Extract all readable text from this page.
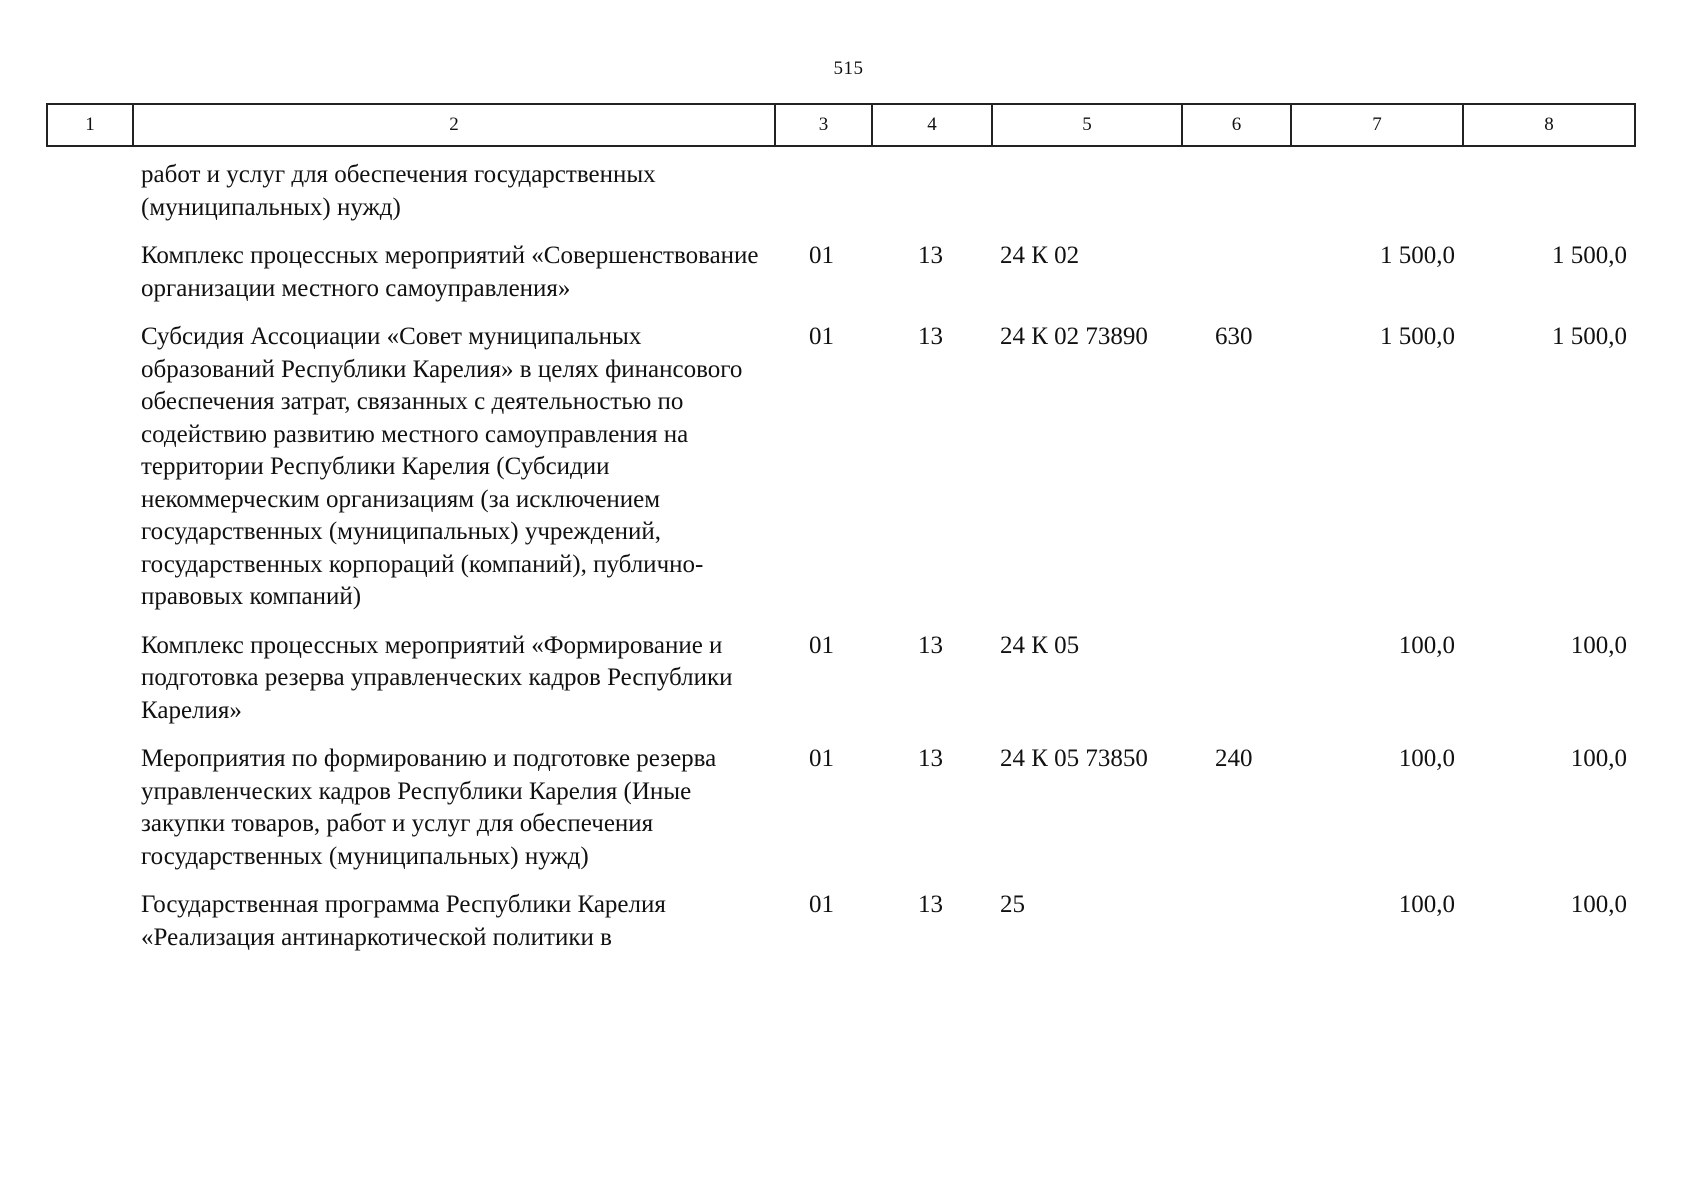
515
1	2	3	4	5	6	7	8
	работ и услуг для обеспечения государственных (муниципальных) нужд)						
	Комплекс процессных мероприятий «Совершенствование организации местного самоуправления»	01	13	24 К 02		1 500,0	1 500,0
	Субсидия Ассоциации «Совет муниципальных образований Республики Карелия» в целях финансового обеспечения затрат, связанных с деятельностью по содействию развитию местного самоуправления на территории Республики Карелия (Субсидии некоммерческим организациям (за исключением государственных (муниципальных) учреждений, государственных корпораций (компаний), публично-правовых компаний)	01	13	24 К 02 73890	630	1 500,0	1 500,0
	Комплекс процессных мероприятий «Формирование и подготовка резерва управленческих кадров Республики Карелия»	01	13	24 К 05		100,0	100,0
	Мероприятия по формированию и подготовке резерва управленческих кадров Республики Карелия (Иные закупки товаров, работ и услуг для обеспечения государственных (муниципальных) нужд)	01	13	24 К 05 73850	240	100,0	100,0
	Государственная программа Республики Карелия «Реализация антинаркотической политики в	01	13	25		100,0	100,0
